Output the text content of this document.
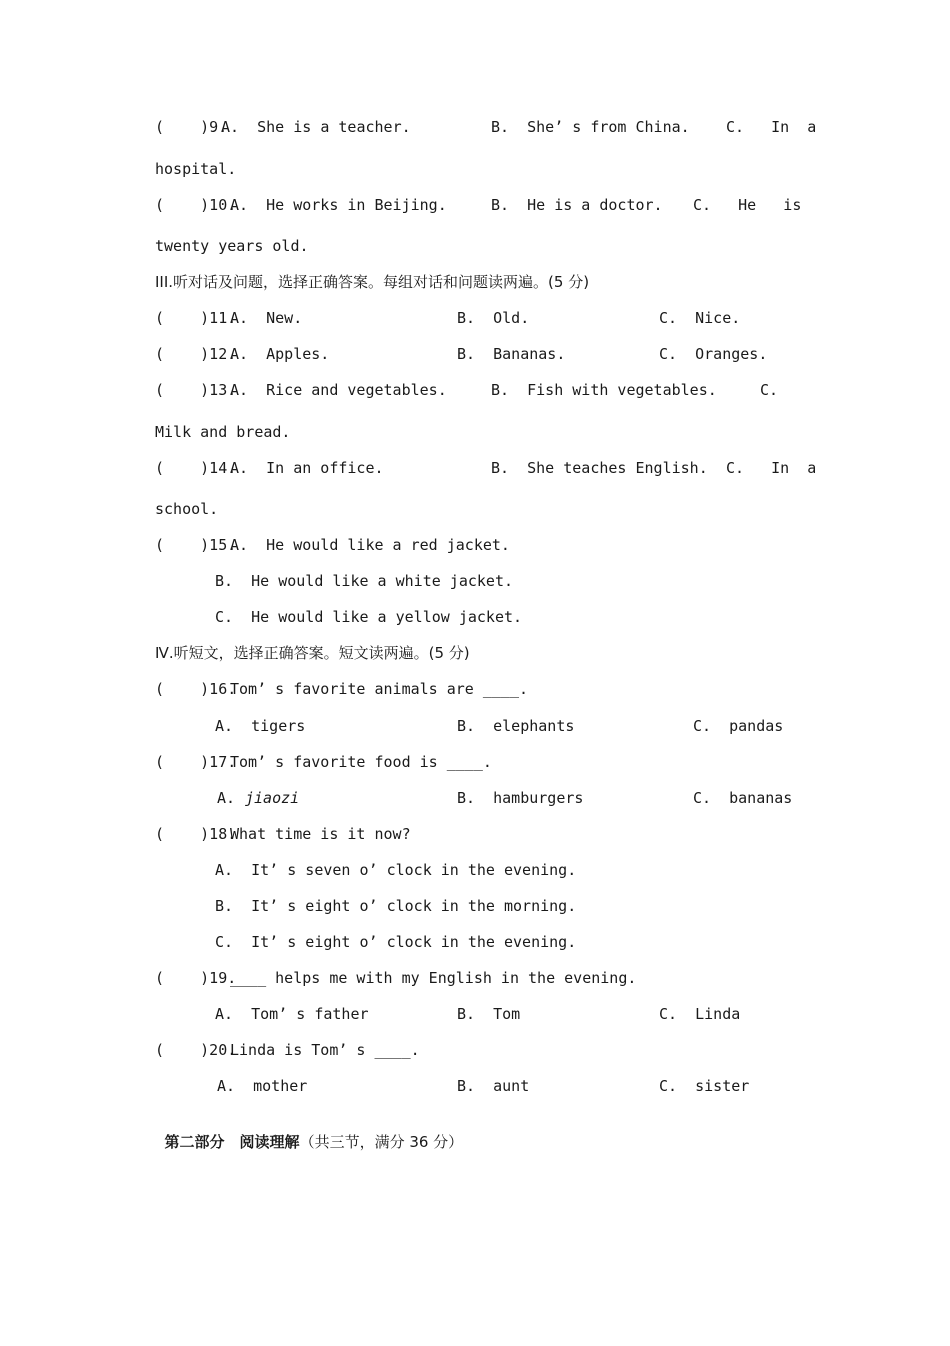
(    )9.
A.  She is a teacher.	B.  She’ s from China. C.   In  a
hospital.
(    )10.
A.  He works in Beijing.	B.  He is a doctor. C.   He   is
twenty years old.
III.听对话及问题，选择正确答案。每组对话和问题读两遍。(5 分)
(    )11.
A.  New.	B.  Old.	C.  Nice.
(    )12.
A.  Apples.	B.  Bananas.	C.  Oranges.
(    )13.
A.  Rice and vegetables.	B.  Fish with vegetables.	C.
Milk and bread.
(    )14.
A.  In an office.	B.  She teaches English. C.   In  a
school.
(    )15.
A.  He would like a red jacket.
B.  He would like a white jacket.
C.  He would like a yellow jacket.
Ⅳ.听短文，选择正确答案。短文读两遍。(5 分)
(    )16.
Tom’ s favorite animals are ____.
A.  tigers	B.  elephants	C.  pandas
(    )17.
Tom’ s favorite food is ____.
A. jiaozi	B.  hamburgers	C.  bananas
(    )18.
What time is it now?
A.  It’ s seven o’ clock in the evening.
B.  It’ s eight o’ clock in the morning.
C.  It’ s eight o’ clock in the evening.
(    )19.
____ helps me with my English in the evening.
A.  Tom’ s father	B.  Tom	C.  Linda
(    )20.
Linda is Tom’ s ____.
A.  mother	B.  aunt	C.  sister

第二部分　阅读理解（共三节，满分 36 分）
